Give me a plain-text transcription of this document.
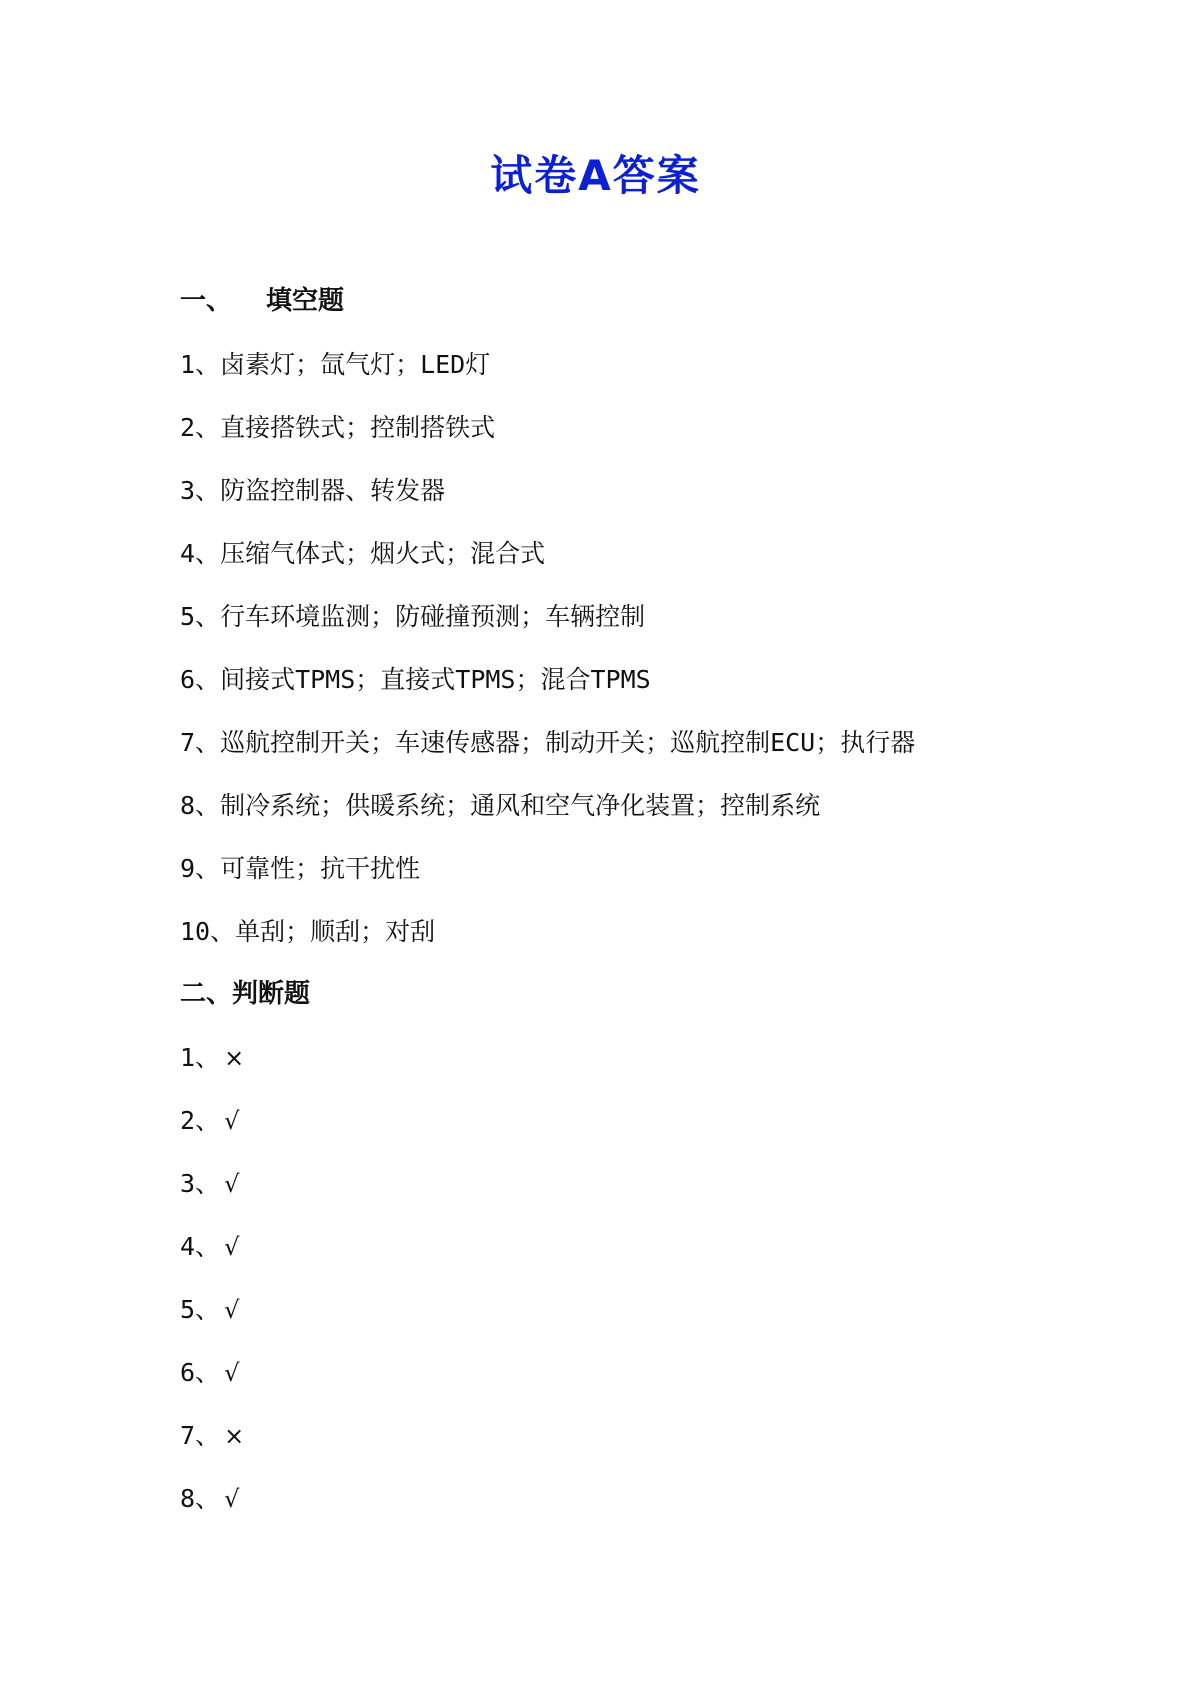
试卷A答案
一、 填空题
1、卤素灯；氙气灯；LED灯
2、直接搭铁式；控制搭铁式
3、防盗控制器、转发器
4、压缩气体式；烟火式；混合式
5、行车环境监测；防碰撞预测；车辆控制
6、间接式TPMS；直接式TPMS；混合TPMS
7、巡航控制开关；车速传感器；制动开关；巡航控制ECU；执行器
8、制冷系统；供暖系统；通风和空气净化装置；控制系统
9、可靠性；抗干扰性
10、单刮；顺刮；对刮
二、判断题
1、 ×
2、 √
3、 √
4、 √
5、 √
6、 √
7、 ×
8、 √
